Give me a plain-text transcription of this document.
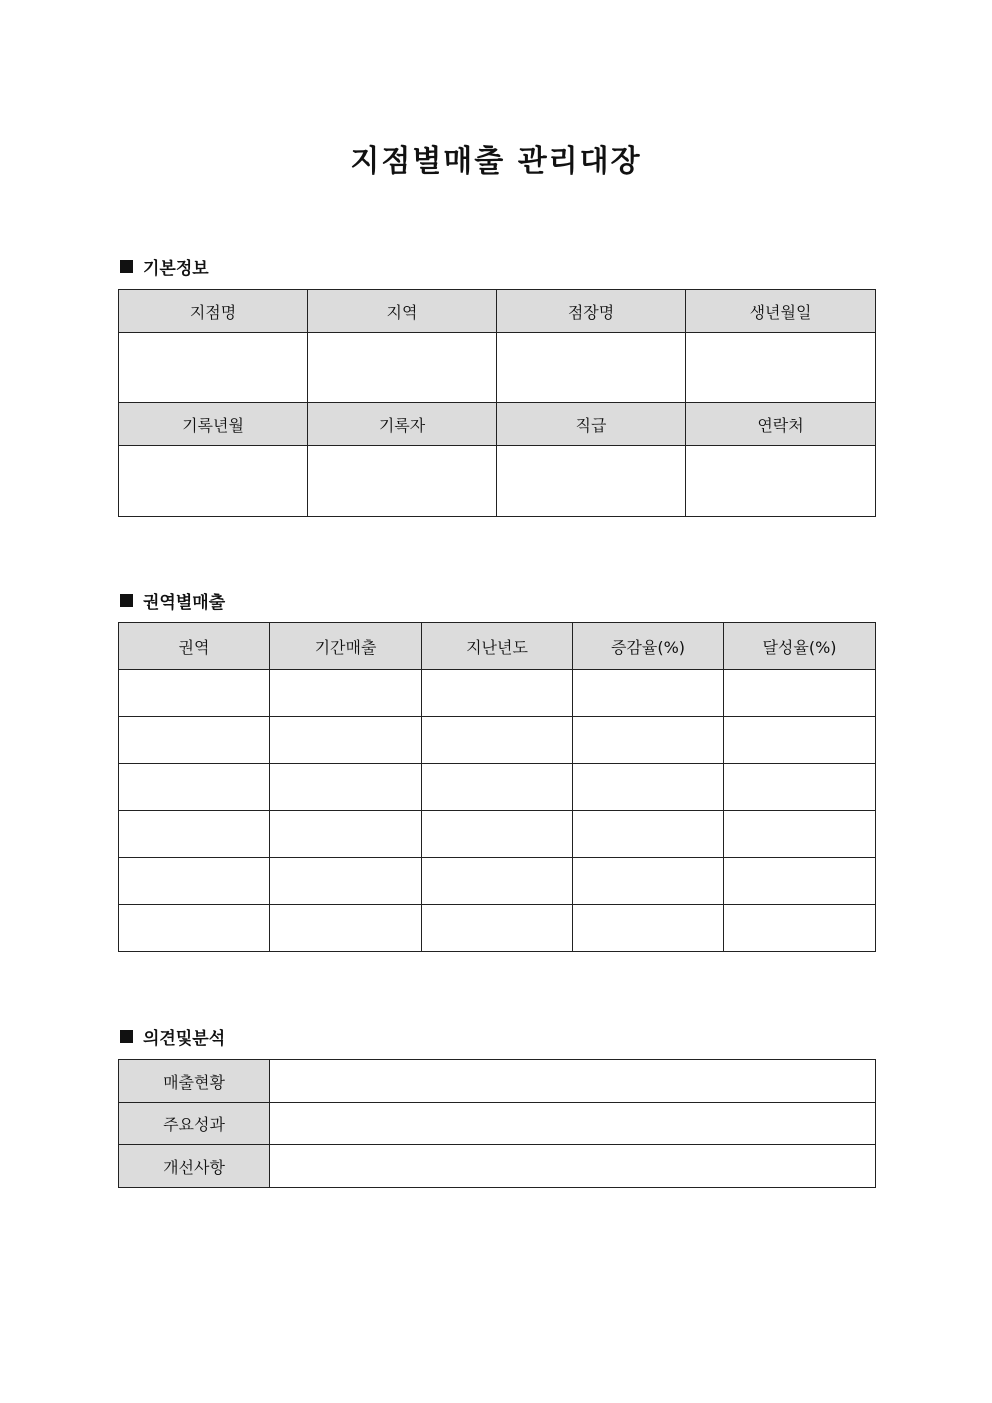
지점별매출 관리대장
기본정보
지점명	지역	점장명	생년월일

기록년월	기록자	직급	연락처

권역별매출
권역	기간매출	지난년도	증감율(%)	달성율(%)

의견및분석
매출현황	
주요성과	
개선사항	
